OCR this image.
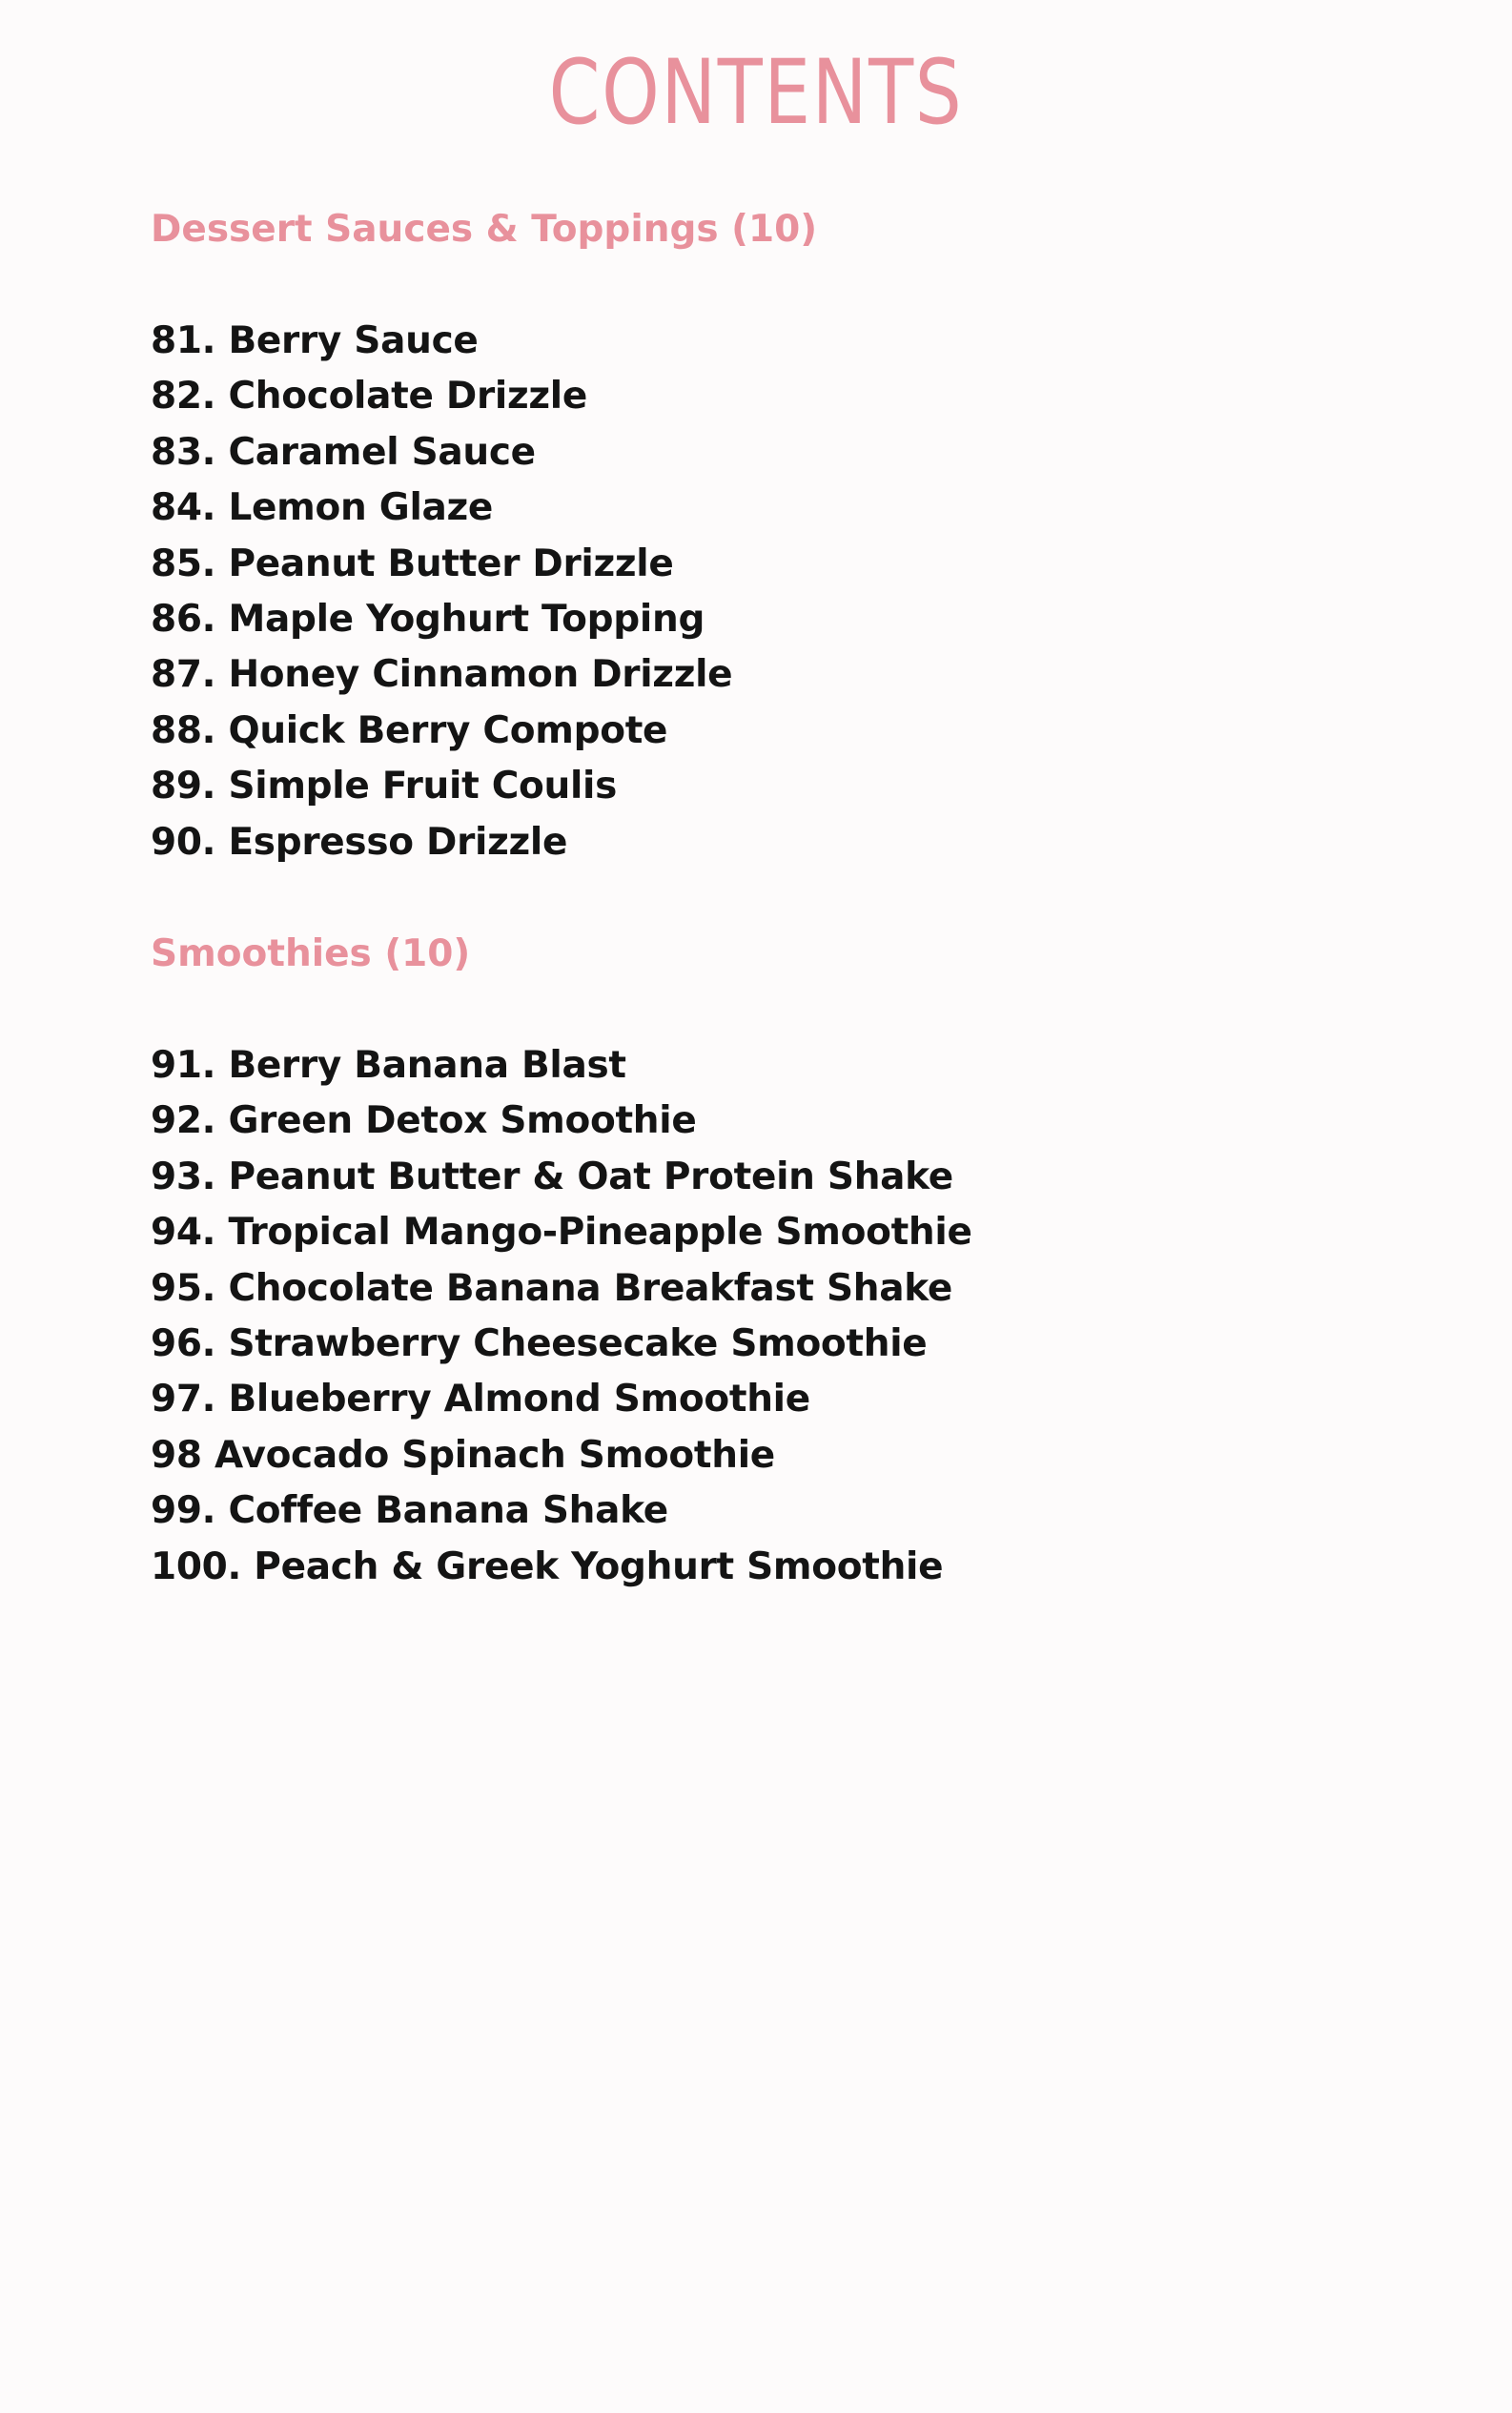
CONTENTS
Dessert Sauces & Toppings (10)
81. Berry Sauce
82. Chocolate Drizzle
83. Caramel Sauce
84. Lemon Glaze
85. Peanut Butter Drizzle
86. Maple Yoghurt Topping
87. Honey Cinnamon Drizzle
88. Quick Berry Compote
89. Simple Fruit Coulis
90. Espresso Drizzle
Smoothies (10)
91. Berry Banana Blast
92. Green Detox Smoothie
93. Peanut Butter & Oat Protein Shake
94. Tropical Mango-Pineapple Smoothie
95. Chocolate Banana Breakfast Shake
96. Strawberry Cheesecake Smoothie
97. Blueberry Almond Smoothie
98 Avocado Spinach Smoothie
99. Coffee Banana Shake
100. Peach & Greek Yoghurt Smoothie
